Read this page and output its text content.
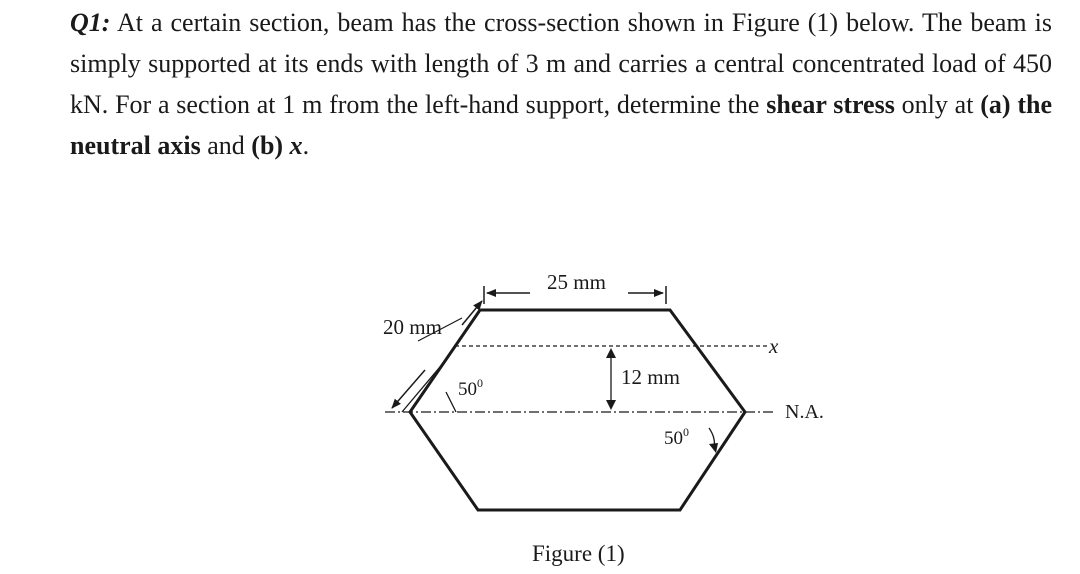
Q1: At a certain section, beam has the cross-section shown in Figure (1) below. The beam is simply supported at its ends with length of 3 m and carries a central concentrated load of 450 kN. For a section at 1 m from the left-hand support, determine the shear stress only at (a) the neutral axis and (b) x.
25 mm
20 mm
12 mm
$50^0$
$50^0$
x
N.A.
Figure (1)
